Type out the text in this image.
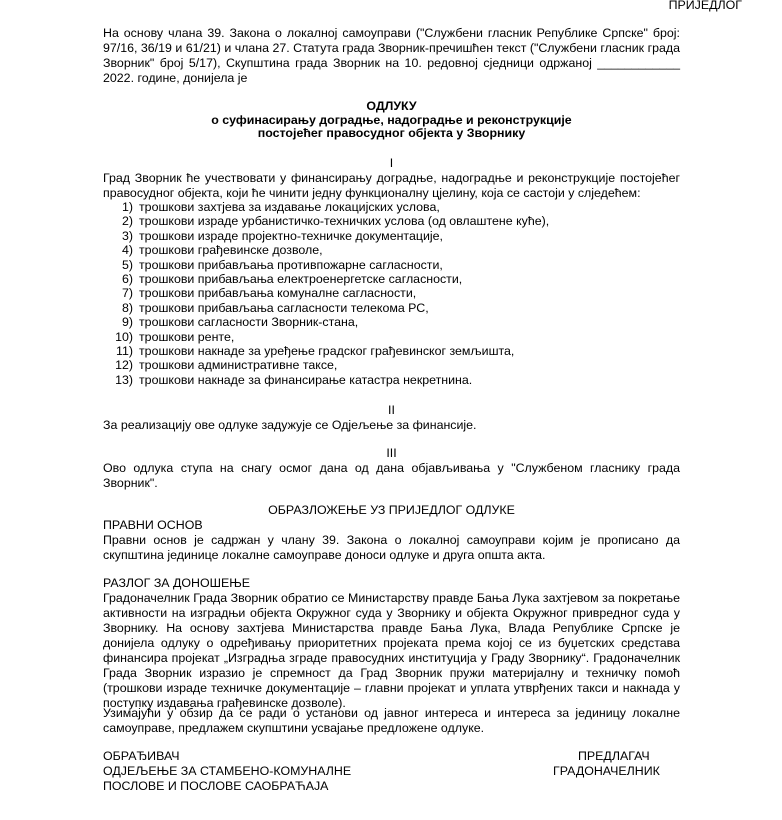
ПРИЈЕДЛОГ
На основу члана 39. Закона о локалној самоуправи ("Службени гласник Републике Српске" број: 97/16, 36/19 и 61/21) и члана 27. Статута града Зворник-пречишћен текст ("Службени гласник града Зворник" број 5/17), Скупштина града Зворник на 10. редовној сједници одржаној ____________ 2022. године, донијела је
ОДЛУКУ
о суфинасирању доградње, надоградње и реконструкције
постојећег правосудног објекта у Зворнику
I
Град Зворник ће учествовати у финансирању доградње, надоградње и реконструкције постојећег правосудног објекта, који ће чинити једну функционалну цјелину, која се састоји у слједећем:
1) трошкови захтјева за издавање локацијских услова,
2) трошкови израде урбанистичко-техничких услова (од овлаштене куће),
3) трошкови израде пројектно-техничке документације,
4) трошкови грађевинске дозволе,
5) трошкови прибављања противпожарне сагласности,
6) трошкови прибављања електроенергетске сагласности,
7) трошкови прибављања комуналне сагласности,
8) трошкови прибављања сагласности телекома РС,
9) трошкови сагласности Зворник-стана,
10) трошкови ренте,
11) трошкови накнаде за уређење градског грађевинског земљишта,
12) трошкови административне таксе,
13) трошкови накнаде за финансирање катастра некретнина.
II
За реализацију ове одлуке задужује се Одјељење за финансије.
III
Ово одлука ступа на снагу осмог дана од дана објављивања у "Службеном гласнику града Зворник".
ОБРАЗЛОЖЕЊЕ УЗ ПРИЈЕДЛОГ ОДЛУКЕ
ПРАВНИ ОСНОВ
Правни основ је садржан у члану 39. Закона о локалној самоуправи којим је прописано да скупштина јединице локалне самоуправе доноси одлуке и друга општа акта.
РАЗЛОГ ЗА ДОНОШЕЊЕ
Градоначелник Града Зворник обратио се Министарству правде Бања Лука захтјевом за покретање активности на изградњи објекта Окружног суда у Зворнику и објекта Окружног привредног суда у Зворнику. На основу захтјева Министарства правде Бања Лука, Влада Републике Српске је донијела одлуку о одређивању приоритетних пројеката према којој се из буџетских средстава финансира пројекат „Изградња зграде правосудних институција у Граду Зворнику“. Градоначелник Града Зворник изразио је спремност да Град Зворник пружи материјалну и техничку помоћ (трошкови израде техничке документације – главни пројекат и уплата утврђених такси и накнада у поступку издавања грађевинске дозволе).
Узимајући у обзир да се ради о установи од јавног интереса и интереса за јединицу локалне самоуправе, предлажем скупштини усвајање предложене одлуке.
ОБРАЂИВАЧ
ОДЈЕЉЕЊЕ ЗА СТАМБЕНО-КОМУНАЛНЕ
ПОСЛОВЕ И ПОСЛОВЕ САОБРАЋАЈА
ПРЕДЛАГАЧ
ГРАДОНАЧЕЛНИК
